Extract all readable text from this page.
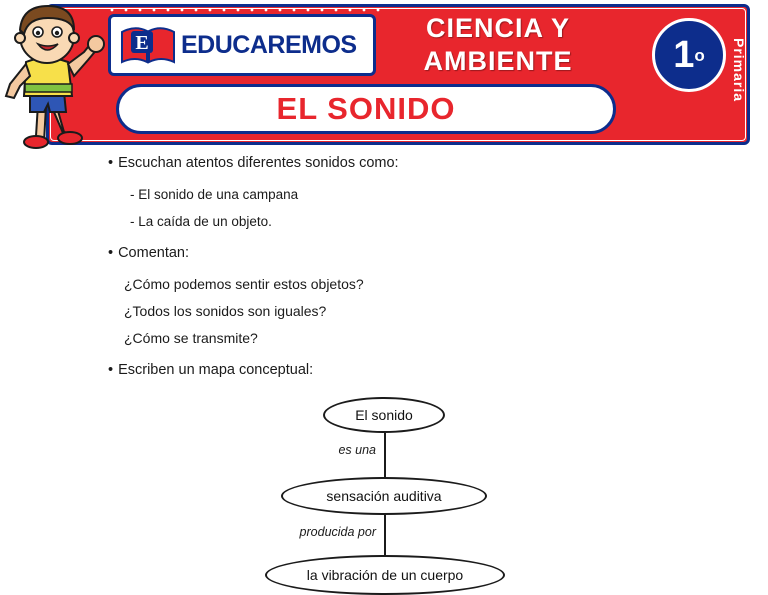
E EDUCAREMOS
CIENCIA Y
AMBIENTE	1 o	Primaria
EL SONIDO
• Escuchan atentos diferentes sonidos como:
- El sonido de una campana
- La caída de un objeto.
• Comentan:
¿Cómo podemos sentir estos objetos?
¿Todos los sonidos son iguales?
¿Cómo se transmite?
• Escriben un mapa conceptual:
El sonido
es una
sensación auditiva
producida por
la vibración de un cuerpo
